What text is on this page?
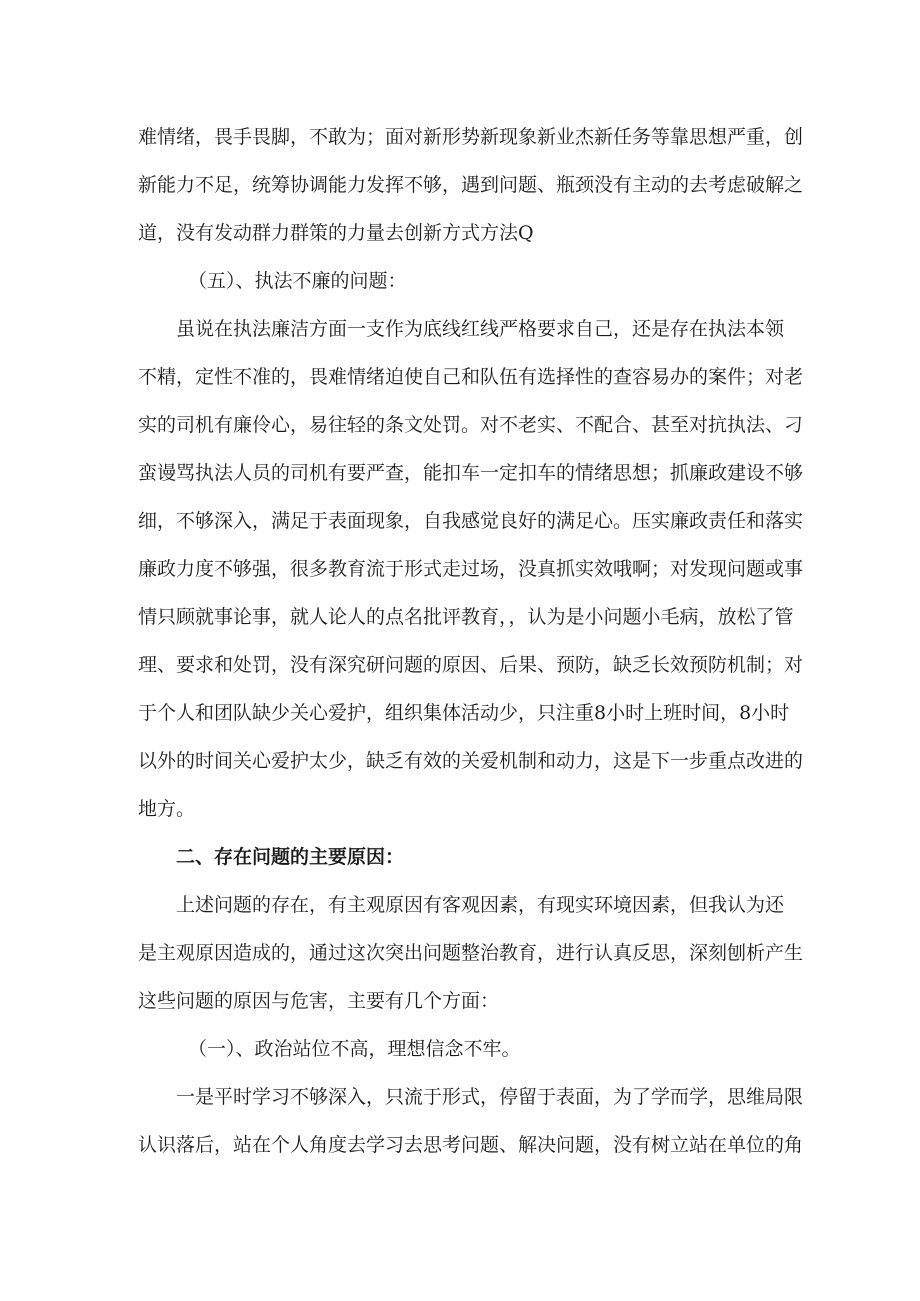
难情绪，畏手畏脚，不敢为；面对新形势新现象新业杰新任务等靠思想严重，创
新能力不足，统筹协调能力发挥不够，遇到问题、瓶颈没有主动的去考虑破解之
道，没有发动群力群策的力量去创新方式方法Q
（五）、执法不廉的问题：
虽说在执法廉洁方面一支作为底线红线严格要求自己，还是存在执法本领
不精，定性不准的，畏难情绪迫使自己和队伍有选择性的查容易办的案件；对老
实的司机有廉伶心，易往轻的条文处罚。对不老实、不配合、甚至对抗执法、刁
蛮谩骂执法人员的司机有要严查，能扣车一定扣车的情绪思想；抓廉政建设不够
细，不够深入，满足于表面现象，自我感觉良好的满足心。压实廉政责任和落实
廉政力度不够强，很多教育流于形式走过场，没真抓实效哦啊；对发现问题或事
情只顾就事论事，就人论人的点名批评教育，，认为是小问题小毛病，放松了管
理、要求和处罚，没有深究研问题的原因、后果、预防，缺乏长效预防机制；对
于个人和团队缺少关心爱护，组织集体活动少，只注重8小时上班时间，8小时
以外的时间关心爱护太少，缺乏有效的关爱机制和动力，这是下一步重点改进的
地方。
二、存在问题的主要原因：
上述问题的存在，有主观原因有客观因素，有现实环境因素，但我认为还
是主观原因造成的，通过这次突出问题整治教育，进行认真反思，深刻刨析产生
这些问题的原因与危害，主要有几个方面：
（一）、政治站位不高，理想信念不牢。
一是平时学习不够深入，只流于形式，停留于表面，为了学而学，思维局限
认识落后，站在个人角度去学习去思考问题、解决问题，没有树立站在单位的角
